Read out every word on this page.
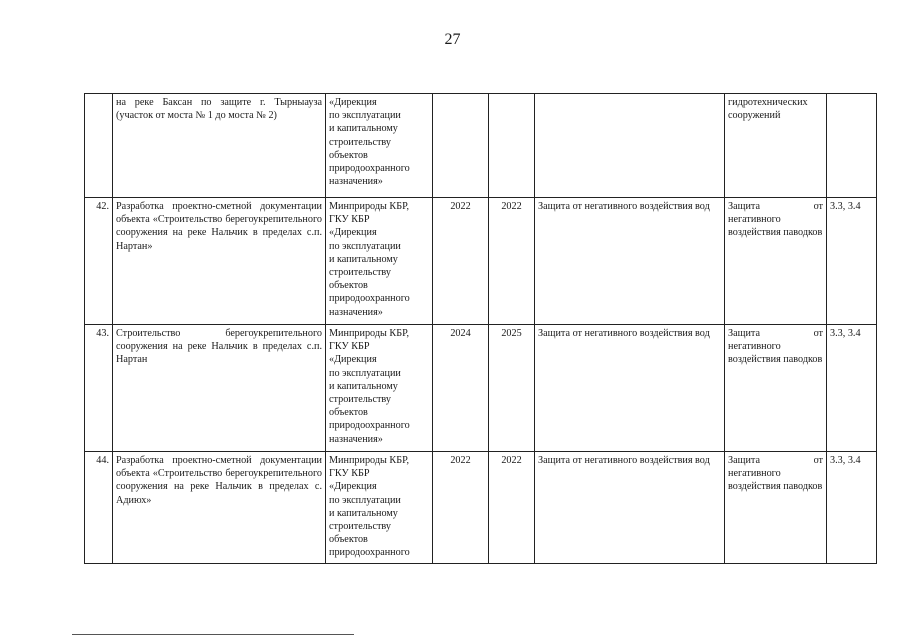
27
	на реке Баксан по защите г. Тырныауза (участок от моста № 1 до моста № 2)	«Дирекция
по эксплуатации
и капитальному строительству объектов природоохранного назначения»				гидротехнических сооружений	
42.	Разработка проектно-сметной документации объекта «Строительство берегоукрепительного сооружения на реке Нальчик в пределах с.п. Нартан»	Минприроды КБР, ГКУ КБР
«Дирекция
по эксплуатации
и капитальному строительству объектов природоохранного назначения»	2022	2022	Защита от негативного воздействия вод	Защита от негативного воздействия паводков	3.3, 3.4
43.	Строительство берегоукрепительного сооружения на реке Нальчик в пределах с.п. Нартан	Минприроды КБР, ГКУ КБР
«Дирекция
по эксплуатации
и капитальному строительству объектов природоохранного назначения»	2024	2025	Защита от негативного воздействия вод	Защита от негативного воздействия паводков	3.3, 3.4
44.	Разработка проектно-сметной документации объекта «Строительство берегоукрепительного сооружения на реке Нальчик в пределах с. Адиюх»	Минприроды КБР, ГКУ КБР
«Дирекция
по эксплуатации
и капитальному строительству объектов природоохранного	2022	2022	Защита от негативного воздействия вод	Защита от негативного воздействия паводков	3.3, 3.4
